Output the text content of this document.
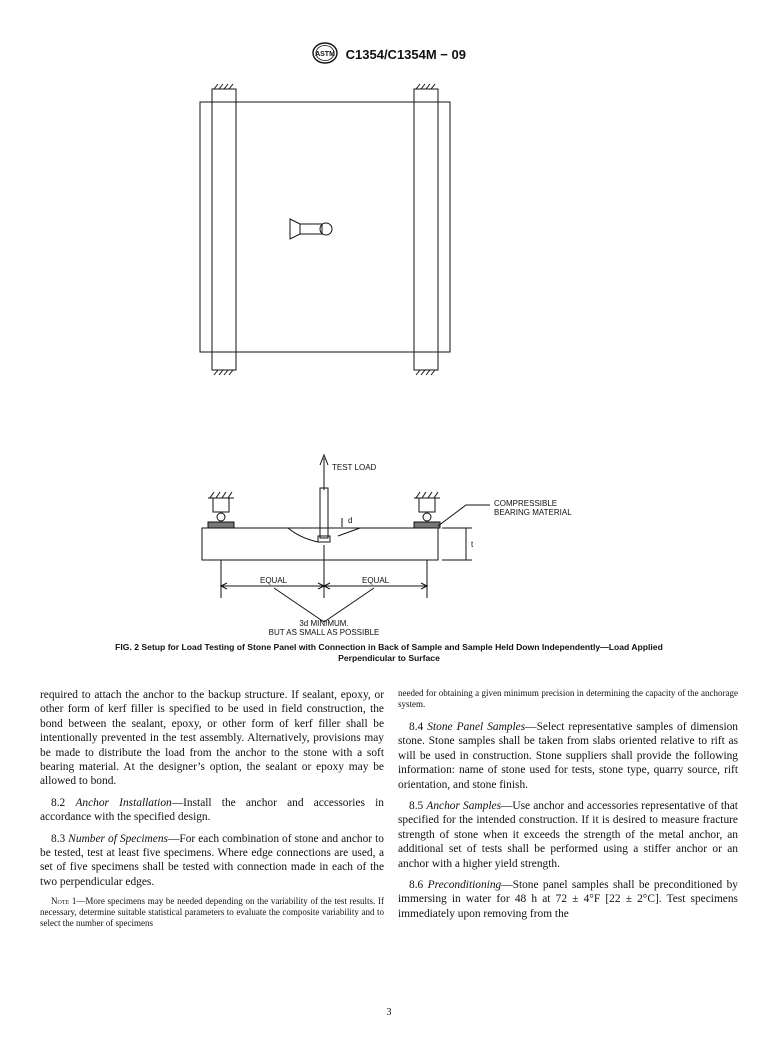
ASTM C1354/C1354M − 09
TEST LOAD
COMPRESSIBLE
BEARING MATERIAL
d
t
EQUAL	EQUAL
3d MINIMUM.
BUT AS SMALL AS POSSIBLE
FIG. 2 Setup for Load Testing of Stone Panel with Connection in Back of Sample and Sample Held Down Independently—Load Applied
Perpendicular to Surface

required to attach the anchor to the backup structure. If sealant, epoxy, or other form of kerf filler is specified to be used in field construction, the bond between the sealant, epoxy, or other form of kerf filler shall be intentionally prevented in the test assembly. Alternatively, provisions may be made to distribute the load from the anchor to the stone with a soft bearing material. At the designer’s option, the sealant or epoxy may be allowed to bond.

8.2 Anchor Installation—Install the anchor and accessories in accordance with the specified design.

8.3 Number of Specimens—For each combination of stone and anchor to be tested, test at least five specimens. Where edge connections are used, a set of five specimens shall be tested with connection made in each of the two perpendicular edges.

Note 1—More specimens may be needed depending on the variability of the test results. If necessary, determine suitable statistical parameters to evaluate the composite variability and to select the number of specimens

needed for obtaining a given minimum precision in determining the capacity of the anchorage system.

8.4 Stone Panel Samples—Select representative samples of dimension stone. Stone samples shall be taken from slabs oriented relative to rift as will be used in construction. Stone suppliers shall provide the following information: name of stone used for tests, stone type, quarry source, rift orientation, and stone finish.

8.5 Anchor Samples—Use anchor and accessories representative of that specified for the intended construction. If it is desired to measure fracture strength of stone when it exceeds the strength of the metal anchor, an additional set of tests shall be performed using a stiffer anchor or an anchor with a higher yield strength.

8.6 Preconditioning—Stone panel samples shall be preconditioned by immersing in water for 48 h at 72 ± 4°F [22 ± 2°C]. Test specimens immediately upon removing from the

3
